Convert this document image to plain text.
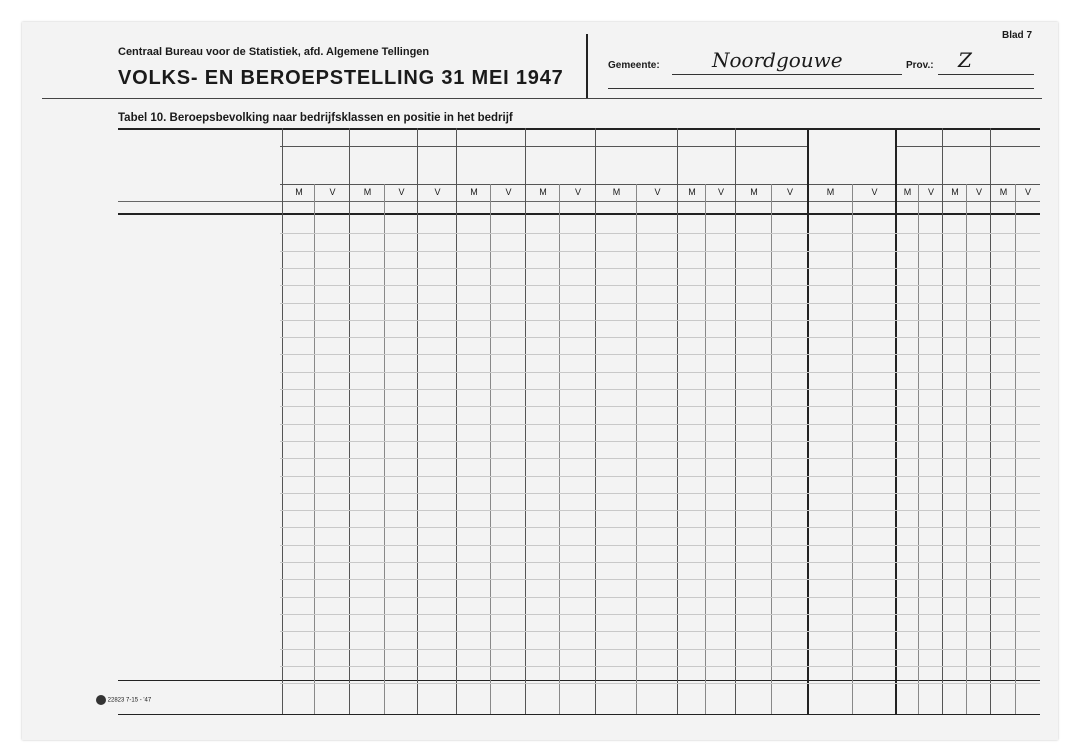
Blad 7
Centraal Bureau voor de Statistiek, afd. Algemene Tellingen
VOLKS- EN BEROEPSTELLING 31 MEI 1947
Gemeente:	Noordgouwe	Prov.: Z
Tabel 10. Beroepsbevolking naar bedrijfsklassen en positie in het bedrijf
M	V	M	V	V	M	V	M	V	M	V	M	V	M	V	M	V	M	V	M	V
M	V
22823 7-15 - '47
